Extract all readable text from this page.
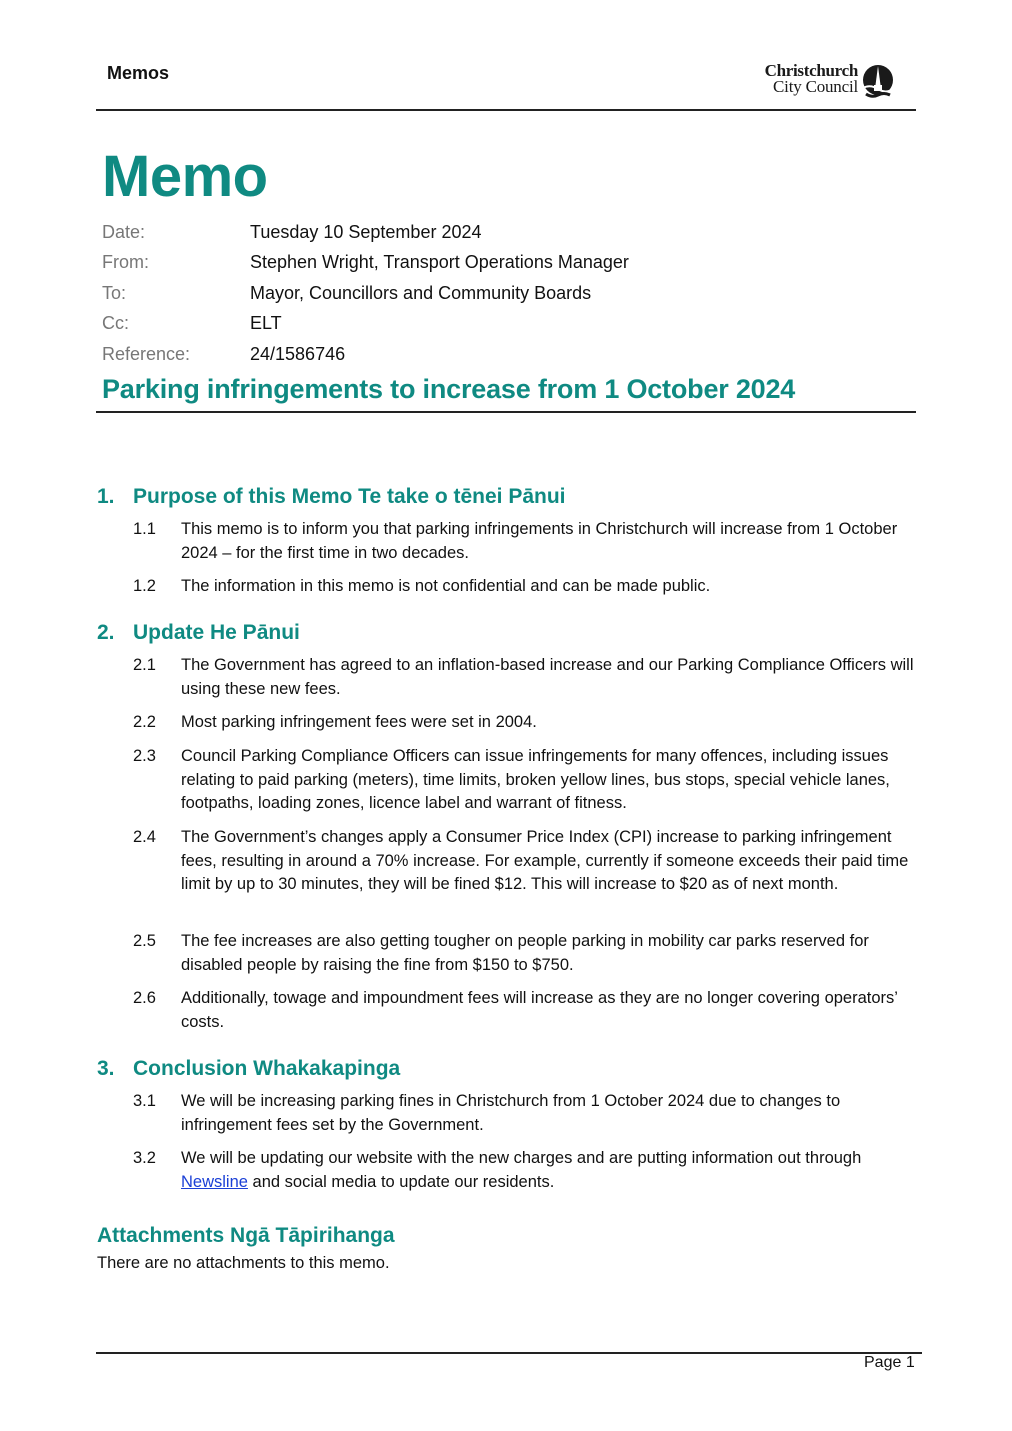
Memos	Christchurch
City Council
Memo
Date:	Tuesday 10 September 2024
From:	Stephen Wright, Transport Operations Manager
To:	Mayor, Councillors and Community Boards
Cc:	ELT
Reference:	24/1586746
Parking infringements to increase from 1 October 2024
1. Purpose of this Memo Te take o tēnei Pānui
1.1 This memo is to inform you that parking infringements in Christchurch will increase from 1 October 2024 – for the first time in two decades.
1.2 The information in this memo is not confidential and can be made public.
2. Update He Pānui
2.1 The Government has agreed to an inflation-based increase and our Parking Compliance Officers will using these new fees.
2.2 Most parking infringement fees were set in 2004.
2.3 Council Parking Compliance Officers can issue infringements for many offences, including issues relating to paid parking (meters), time limits, broken yellow lines, bus stops, special vehicle lanes, footpaths, loading zones, licence label and warrant of fitness.
2.4 The Government’s changes apply a Consumer Price Index (CPI) increase to parking infringement fees, resulting in around a 70% increase. For example, currently if someone exceeds their paid time limit by up to 30 minutes, they will be fined $12. This will increase to $20 as of next month.
2.5 The fee increases are also getting tougher on people parking in mobility car parks reserved for disabled people by raising the fine from $150 to $750.
2.6 Additionally, towage and impoundment fees will increase as they are no longer covering operators’ costs.
3. Conclusion Whakakapinga
3.1 We will be increasing parking fines in Christchurch from 1 October 2024 due to changes to infringement fees set by the Government.
3.2 We will be updating our website with the new charges and are putting information out through Newsline and social media to update our residents.
Attachments Ngā Tāpirihanga
There are no attachments to this memo.
Page 1
